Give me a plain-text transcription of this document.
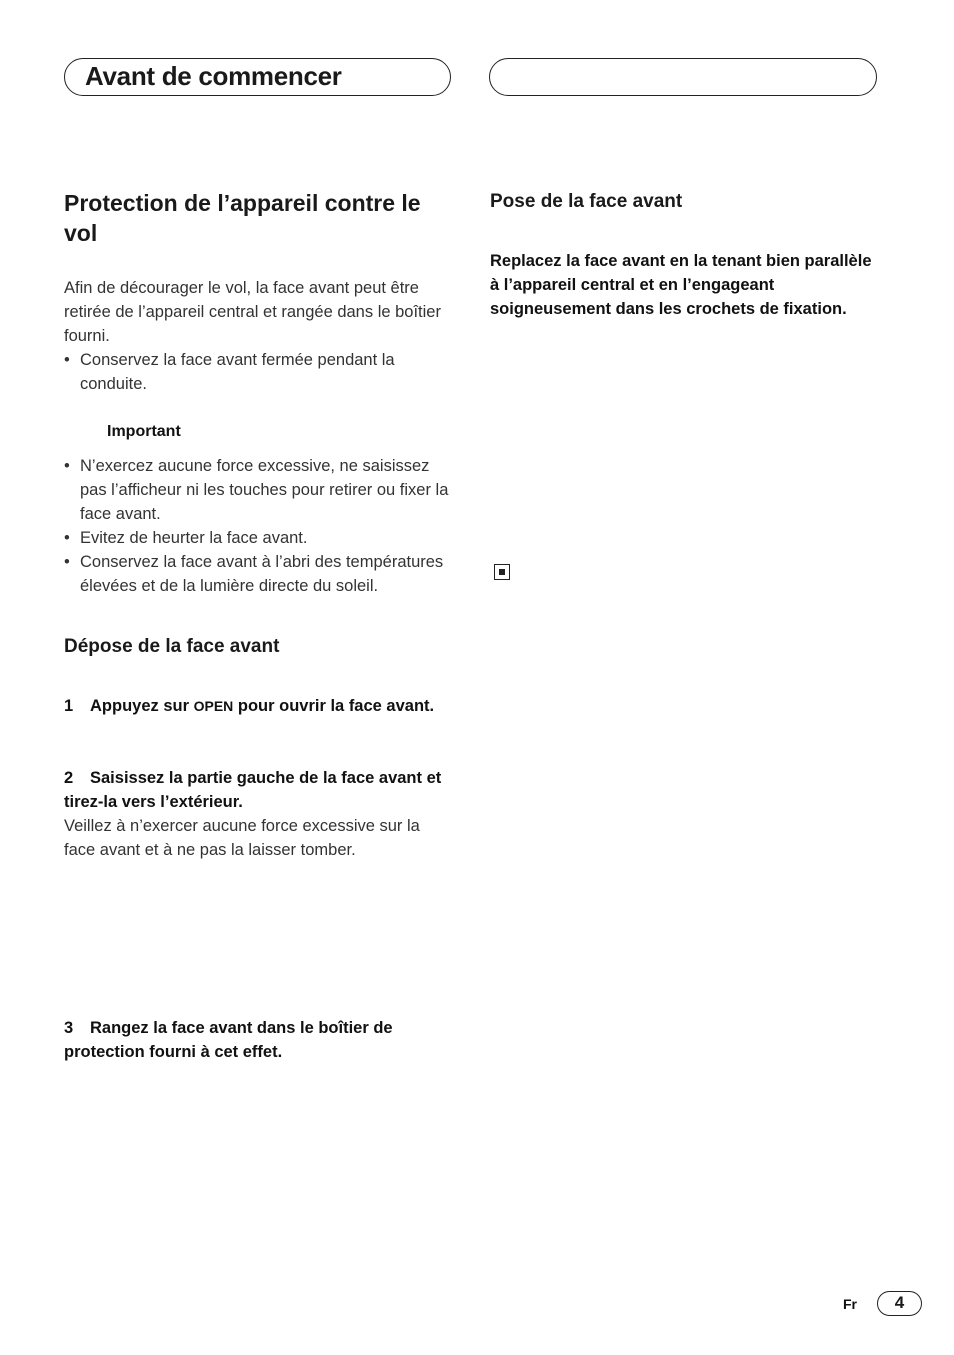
Avant de commencer
Protection de l’appareil contre le vol
Afin de décourager le vol, la face avant peut être retirée de l’appareil central et rangée dans le boîtier fourni.
• Conservez la face avant fermée pendant la conduite.
Important
• N’exercez aucune force excessive, ne saisissez pas l’afficheur ni les touches pour retirer ou fixer la face avant.
• Evitez de heurter la face avant.
• Conservez la face avant à l’abri des températures élevées et de la lumière directe du soleil.
Dépose de la face avant
1 Appuyez sur OPEN pour ouvrir la face avant.
2 Saisissez la partie gauche de la face avant et tirez-la vers l’extérieur.
Veillez à n’exercer aucune force excessive sur la face avant et à ne pas la laisser tomber.
3 Rangez la face avant dans le boîtier de protection fourni à cet effet.
Pose de la face avant
Replacez la face avant en la tenant bien parallèle à l’appareil central et en l’engageant soigneusement dans les crochets de fixation.
Fr	4
